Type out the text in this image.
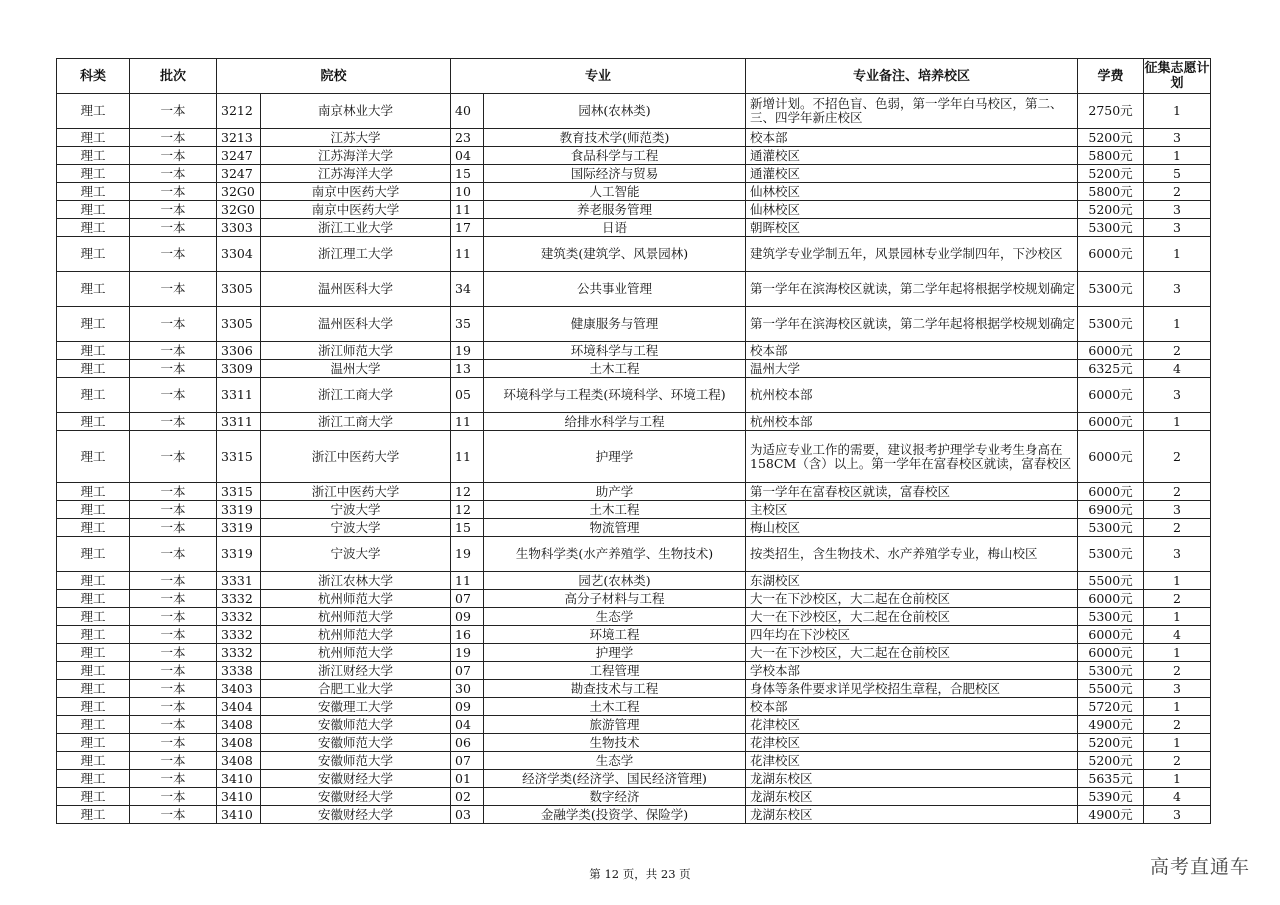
科类	批次	院校		专业		专业备注、培养校区	学费	征集志愿计划
理工	一本	3212	南京林业大学	40	园林(农林类)	新增计划。不招色盲、色弱，第一学年白马校区，第二、三、四学年新庄校区	2750元	1
理工	一本	3213	江苏大学	23	教育技术学(师范类)	校本部	5200元	3
理工	一本	3247	江苏海洋大学	04	食品科学与工程	通灌校区	5800元	1
理工	一本	3247	江苏海洋大学	15	国际经济与贸易	通灌校区	5200元	5
理工	一本	32G0	南京中医药大学	10	人工智能	仙林校区	5800元	2
理工	一本	32G0	南京中医药大学	11	养老服务管理	仙林校区	5200元	3
理工	一本	3303	浙江工业大学	17	日语	朝晖校区	5300元	3
理工	一本	3304	浙江理工大学	11	建筑类(建筑学、风景园林)	建筑学专业学制五年，风景园林专业学制四年，下沙校区	6000元	1
理工	一本	3305	温州医科大学	34	公共事业管理	第一学年在滨海校区就读，第二学年起将根据学校规划确定	5300元	3
理工	一本	3305	温州医科大学	35	健康服务与管理	第一学年在滨海校区就读，第二学年起将根据学校规划确定	5300元	1
理工	一本	3306	浙江师范大学	19	环境科学与工程	校本部	6000元	2
理工	一本	3309	温州大学	13	土木工程	温州大学	6325元	4
理工	一本	3311	浙江工商大学	05	环境科学与工程类(环境科学、环境工程)	杭州校本部	6000元	3
理工	一本	3311	浙江工商大学	11	给排水科学与工程	杭州校本部	6000元	1
理工	一本	3315	浙江中医药大学	11	护理学	为适应专业工作的需要，建议报考护理学专业考生身高在158CM（含）以上。第一学年在富春校区就读，富春校区	6000元	2
理工	一本	3315	浙江中医药大学	12	助产学	第一学年在富春校区就读，富春校区	6000元	2
理工	一本	3319	宁波大学	12	土木工程	主校区	6900元	3
理工	一本	3319	宁波大学	15	物流管理	梅山校区	5300元	2
理工	一本	3319	宁波大学	19	生物科学类(水产养殖学、生物技术)	按类招生，含生物技术、水产养殖学专业，梅山校区	5300元	3
理工	一本	3331	浙江农林大学	11	园艺(农林类)	东湖校区	5500元	1
理工	一本	3332	杭州师范大学	07	高分子材料与工程	大一在下沙校区，大二起在仓前校区	6000元	2
理工	一本	3332	杭州师范大学	09	生态学	大一在下沙校区，大二起在仓前校区	5300元	1
理工	一本	3332	杭州师范大学	16	环境工程	四年均在下沙校区	6000元	4
理工	一本	3332	杭州师范大学	19	护理学	大一在下沙校区，大二起在仓前校区	6000元	1
理工	一本	3338	浙江财经大学	07	工程管理	学校本部	5300元	2
理工	一本	3403	合肥工业大学	30	勘查技术与工程	身体等条件要求详见学校招生章程，合肥校区	5500元	3
理工	一本	3404	安徽理工大学	09	土木工程	校本部	5720元	1
理工	一本	3408	安徽师范大学	04	旅游管理	花津校区	4900元	2
理工	一本	3408	安徽师范大学	06	生物技术	花津校区	5200元	1
理工	一本	3408	安徽师范大学	07	生态学	花津校区	5200元	2
理工	一本	3410	安徽财经大学	01	经济学类(经济学、国民经济管理)	龙湖东校区	5635元	1
理工	一本	3410	安徽财经大学	02	数字经济	龙湖东校区	5390元	4
理工	一本	3410	安徽财经大学	03	金融学类(投资学、保险学)	龙湖东校区	4900元	3
第 12 页，共 23 页	高考直通车
